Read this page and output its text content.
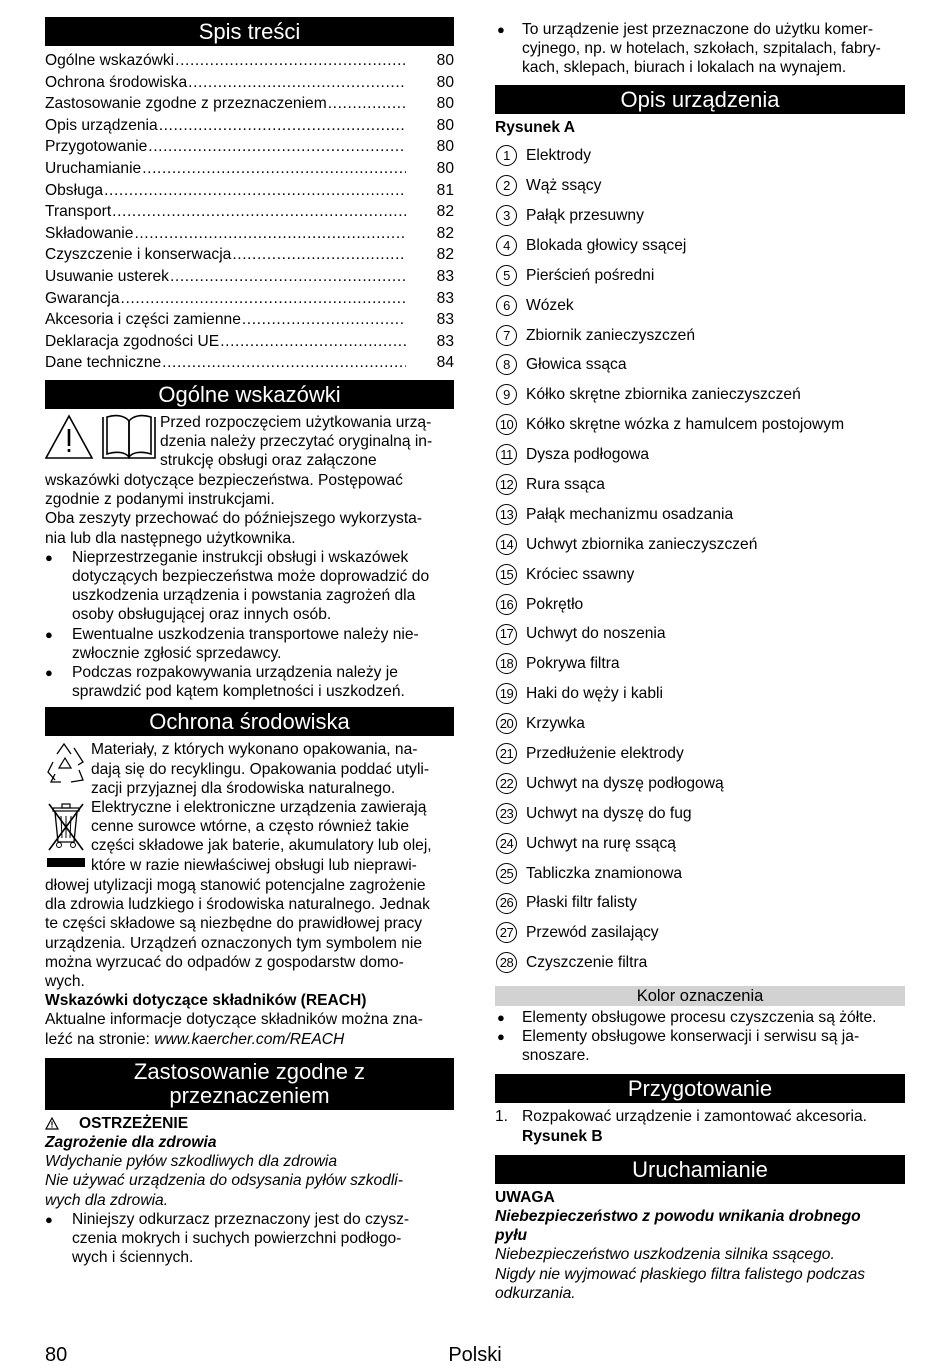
Spis treści
Ogólne wskazówki .....	80
Ochrona środowiska .....	80
Zastosowanie zgodne z przeznaczeniem .....	80
Opis urządzenia .....	80
Przygotowanie .....	80
Uruchamianie .....	80
Obsługa .....	81
Transport .....	82
Składowanie .....	82
Czyszczenie i konserwacja .....	82
Usuwanie usterek .....	83
Gwarancja .....	83
Akcesoria i części zamienne .....	83
Deklaracja zgodności UE .....	83
Dane techniczne .....	84
Ogólne wskazówki

Przed rozpoczęciem użytkowania urzą-

dzenia należy przeczytać oryginalną in-

strukcję obsługi oraz załączone

wskazówki dotyczące bezpieczeństwa. Postępować

zgodnie z podanymi instrukcjami.

Oba zeszyty przechować do późniejszego wykorzysta-

nia lub dla następnego użytkownika.

● Nieprzestrzeganie instrukcji obsługi i wskazówek

dotyczących bezpieczeństwa może doprowadzić do

uszkodzenia urządzenia i powstania zagrożeń dla

osoby obsługującej oraz innych osób.

● Ewentualne uszkodzenia transportowe należy nie-

zwłocznie zgłosić sprzedawcy.

● Podczas rozpakowywania urządzenia należy je

sprawdzić pod kątem kompletności i uszkodzeń.

Ochrona środowiska

Materiały, z których wykonano opakowania, na-

dają się do recyklingu. Opakowania poddać utyli-

zacji przyjaznej dla środowiska naturalnego.

Elektryczne i elektroniczne urządzenia zawierają

cenne surowce wtórne, a często również takie

części składowe jak baterie, akumulatory lub olej,

które w razie niewłaściwej obsługi lub nieprawi-

dłowej utylizacji mogą stanowić potencjalne zagrożenie

dla zdrowia ludzkiego i środowiska naturalnego. Jednak

te części składowe są niezbędne do prawidłowej pracy

urządzenia. Urządzeń oznaczonych tym symbolem nie

można wyrzucać do odpadów z gospodarstw domo-

wych.

Wskazówki dotyczące składników (REACH)

Aktualne informacje dotyczące składników można zna-

leźć na stronie: www.kaercher.com/REACH

Zastosowanie zgodne z
przeznaczeniem

OSTRZEŻENIE

Zagrożenie dla zdrowia

Wdychanie pyłów szkodliwych dla zdrowia

Nie używać urządzenia do odsysania pyłów szkodli-

wych dla zdrowia.

● Niniejszy odkurzacz przeznaczony jest do czysz-

czenia mokrych i suchych powierzchni podłogo-

wych i ściennych.

● To urządzenie jest przeznaczone do użytku komer-

cyjnego, np. w hotelach, szkołach, szpitalach, fabry-

kach, sklepach, biurach i lokalach na wynajem.

Opis urządzenia

Rysunek A

1	Elektrody
2	Wąż ssący
3	Pałąk przesuwny
4	Blokada głowicy ssącej
5	Pierścień pośredni
6	Wózek
7	Zbiornik zanieczyszczeń
8	Głowica ssąca
9	Kółko skrętne zbiornika zanieczyszczeń
10 Kółko skrętne wózka z hamulcem postojowym
11 Dysza podłogowa
12 Rura ssąca
13 Pałąk mechanizmu osadzania
14 Uchwyt zbiornika zanieczyszczeń
15 Króciec ssawny
16 Pokrętło
17 Uchwyt do noszenia
18 Pokrywa filtra
19 Haki do węży i kabli
20 Krzywka
21 Przedłużenie elektrody
22 Uchwyt na dyszę podłogową
23 Uchwyt na dyszę do fug
24 Uchwyt na rurę ssącą
25 Tabliczka znamionowa
26 Płaski filtr falisty
27 Przewód zasilający
28 Czyszczenie filtra
Kolor oznaczenia

● Elementy obsługowe procesu czyszczenia są żółte.

● Elementy obsługowe konserwacji i serwisu są ja-

snoszare.

Przygotowanie
1. Rozpakować urządzenie i zamontować akcesoria.

Rysunek B

Uruchamianie

UWAGA

Niebezpieczeństwo z powodu wnikania drobnego

pyłu

Niebezpieczeństwo uszkodzenia silnika ssącego.

Nigdy nie wyjmować płaskiego filtra falistego podczas

odkurzania.

80	Polski
